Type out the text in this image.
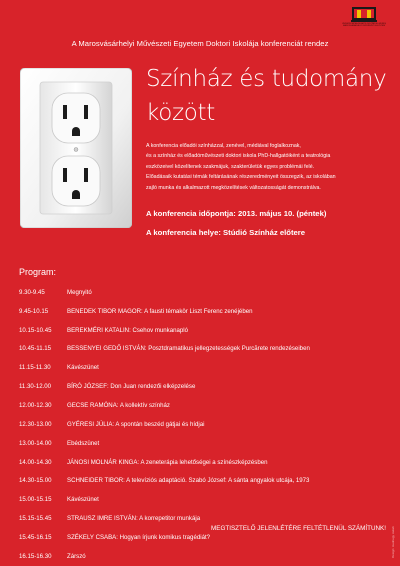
UNIVERSITATEA DE ARTE DIN TÂRGU-MUREŞ
MAROSVÁSÁRHELYI MŰVÉSZETI EGYETEM
A Marosvásárhelyi Művészeti Egyetem Doktori Iskolája konferenciát rendez
Színház és tudomány
között
A konferencia előadói színházzal, zenével, médiával foglalkoznak,
és a színház és előadóművészeti doktori iskola PhD-hallgatóiként a teatrológia
eszközeivel közelítenek szakmájuk, szakterületük egyes problémái felé.
Előadásaik kutatási témák feltárásának részeredményeit összegzik, az iskolában
zajló munka és alkalmazott megközelítések változatosságát demonstrálva.
A konferencia időpontja: 2013. május 10. (péntek)
A konferencia helye: Stúdió Színház előtere
Program:
9.30-9.45	Megnyitó
9.45-10.15	BENEDEK TIBOR MAGOR: A fausti témakör Liszt Ferenc zenéjében
10.15-10.45	BEREKMÉRI KATALIN: Csehov munkanapló
10.45-11.15	BESSENYEI GEDŐ ISTVÁN: Posztdramatikus jellegzetességek Purcărete rendezéseiben
11.15-11.30	Kávészünet
11.30-12.00	BÍRÓ JÓZSEF: Don Juan rendezői elképzelése
12.00-12.30	GECSE RAMÓNA: A kollektív színház
12.30-13.00	GYÉRESI JÚLIA: A spontán beszéd gátjai és hídjai
13.00-14.00	Ebédszünet
14.00-14.30	JÁNOSI MOLNÁR KINGA: A zeneterápia lehetőségei a színészképzésben
14.30-15.00	SCHNEIDER TIBOR: A televíziós adaptáció. Szabó József: A sánta angyalok utcája, 1973
15.00-15.15	Kávészünet
15.15-15.45	STRAUSZ IMRE ISTVÁN: A korrepetitor munkája
15.45-16.15	SZÉKELY CSABA: Hogyan írjunk komikus tragédiát?
16.15-16.30	Zárszó
MEGTISZTELŐ JELENLÉTÉRE FELTÉTLENÜL SZÁMÍTUNK! Design: Hadnagy Jakab
